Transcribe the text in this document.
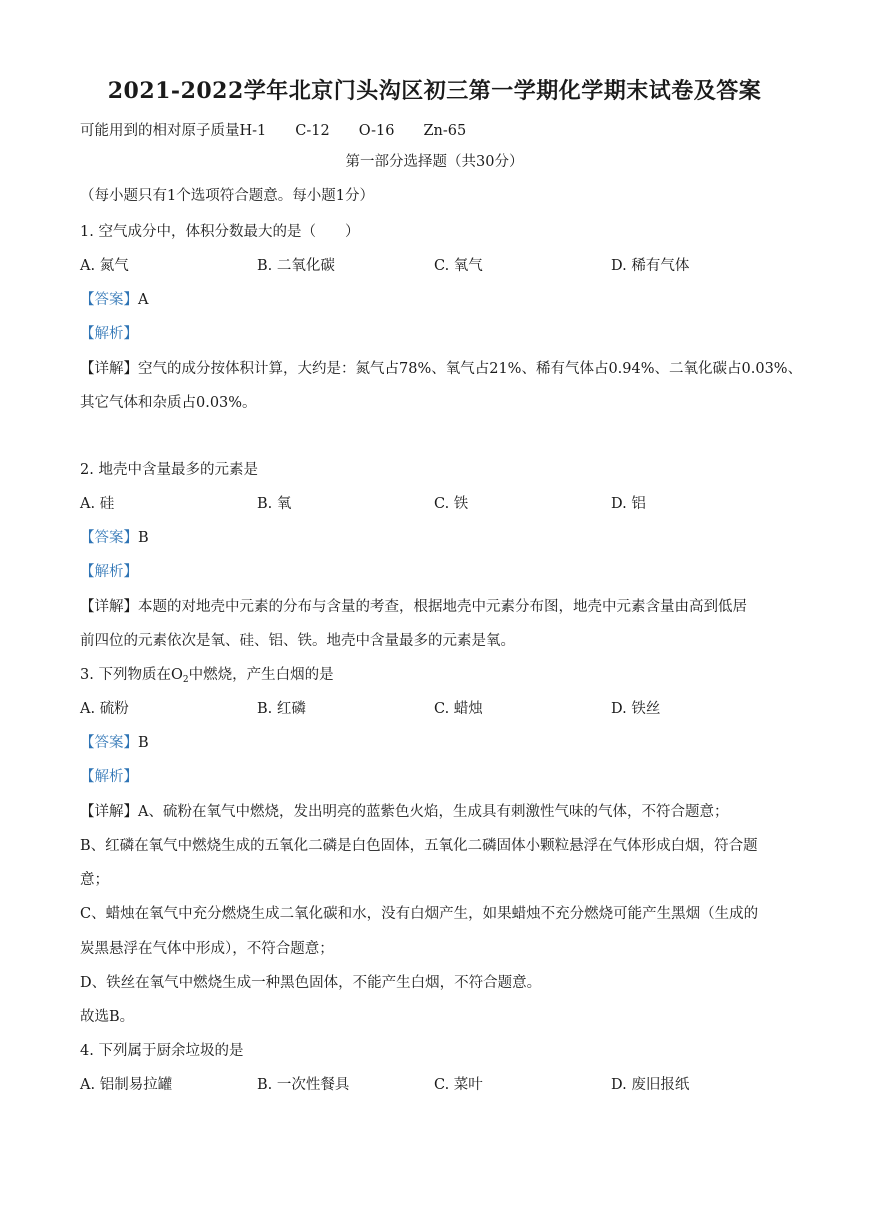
2021-2022学年北京门头沟区初三第一学期化学期末试卷及答案
可能用到的相对原子质量H-1　　C-12　　O-16　　Zn-65
第一部分选择题（共30分）
（每小题只有1个选项符合题意。每小题1分）
1. 空气成分中，体积分数最大的是（　　）
A. 氮气	B. 二氧化碳	C. 氧气	D. 稀有气体
【答案】A
【解析】
【详解】空气的成分按体积计算，大约是：氮气占78%、氧气占21%、稀有气体占0.94%、二氧化碳占0.03%、
其它气体和杂质占0.03%。
2. 地壳中含量最多的元素是
A. 硅	B. 氧	C. 铁	D. 铝
【答案】B
【解析】
【详解】本题的对地壳中元素的分布与含量的考查，根据地壳中元素分布图，地壳中元素含量由高到低居
前四位的元素依次是氧、硅、铝、铁。地壳中含量最多的元素是氧。
3. 下列物质在$O_2$中燃烧，产生白烟的是
A. 硫粉	B. 红磷	C. 蜡烛	D. 铁丝
【答案】B
【解析】
【详解】A、硫粉在氧气中燃烧，发出明亮的蓝紫色火焰，生成具有刺激性气味的气体，不符合题意；
B、红磷在氧气中燃烧生成的五氧化二磷是白色固体，五氧化二磷固体小颗粒悬浮在气体形成白烟，符合题
意；
C、蜡烛在氧气中充分燃烧生成二氧化碳和水，没有白烟产生，如果蜡烛不充分燃烧可能产生黑烟（生成的
炭黑悬浮在气体中形成），不符合题意；
D、铁丝在氧气中燃烧生成一种黑色固体，不能产生白烟，不符合题意。
故选B。
4. 下列属于厨余垃圾的是
A. 铝制易拉罐	B. 一次性餐具	C. 菜叶	D. 废旧报纸
